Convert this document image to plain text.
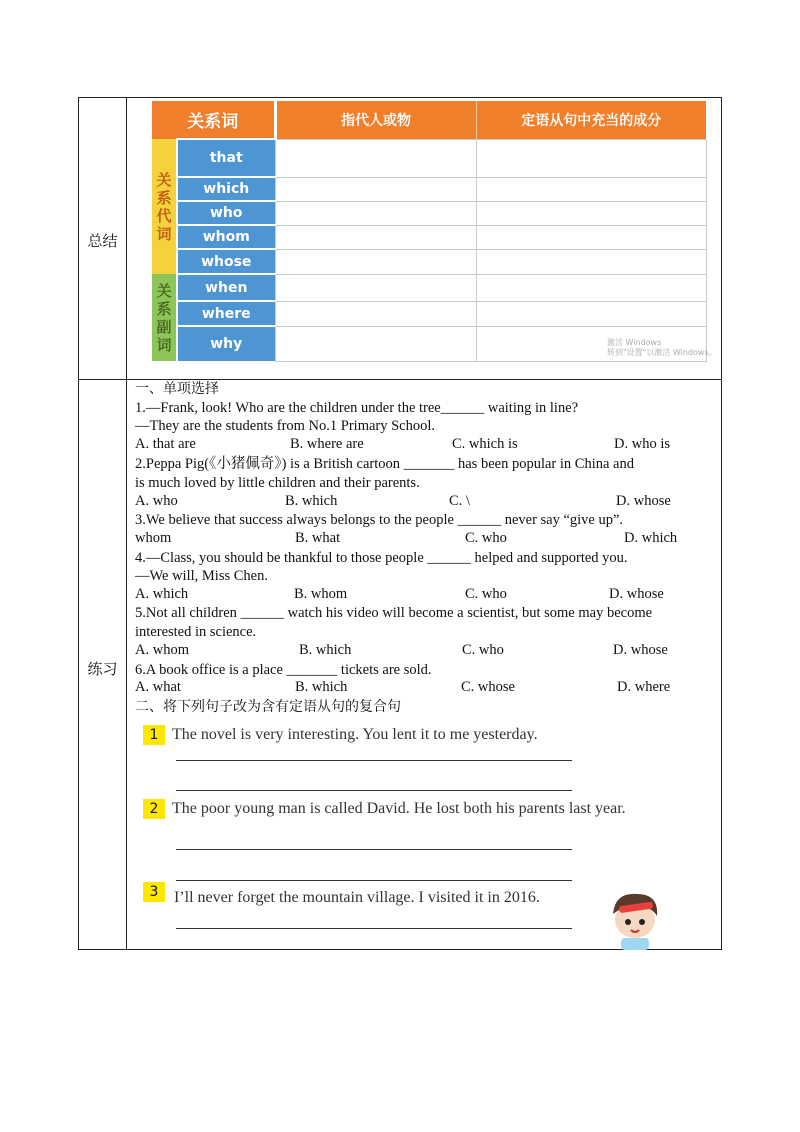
总结
练习
关系词		指代人或物	定语从句中充当的成分
关
系
代
词	that		
	which		
	who		
	whom		
	whose		
关
系
副
词	when		
	where		
	why			激活 Windows
转到"设置"以激活 Windows。
一、单项选择
1.—Frank, look! Who are the children under the tree______ waiting in line?
—They are the students from No.1 Primary School.
A. that are	B. where are	C. which is	D. who is
2.Peppa Pig(《小猪佩奇》) is a British cartoon _______ has been popular in China and
is much loved by little children and their parents.
A. who	B. which	C. \	D. whose
3.We believe that success always belongs to the people ______ never say “give up”.
whom	B. what	C. who	D. which
4.—Class, you should be thankful to those people ______ helped and supported you.
—We will, Miss Chen.
A. which	B. whom	C. who	D. whose
5.Not all children ______ watch his video will become a scientist, but some may become
interested in science.
A. whom	B. which	C. who	D. whose
6.A book office is a place _______ tickets are sold.
A. what	B. which	C. whose	D. where
二、将下列句子改为含有定语从句的复合句
1 The novel is very interesting. You lent it to me yesterday.
2 The poor young man is called David. He lost both his parents last year.
3 I’ll never forget the mountain village. I visited it in 2016.
